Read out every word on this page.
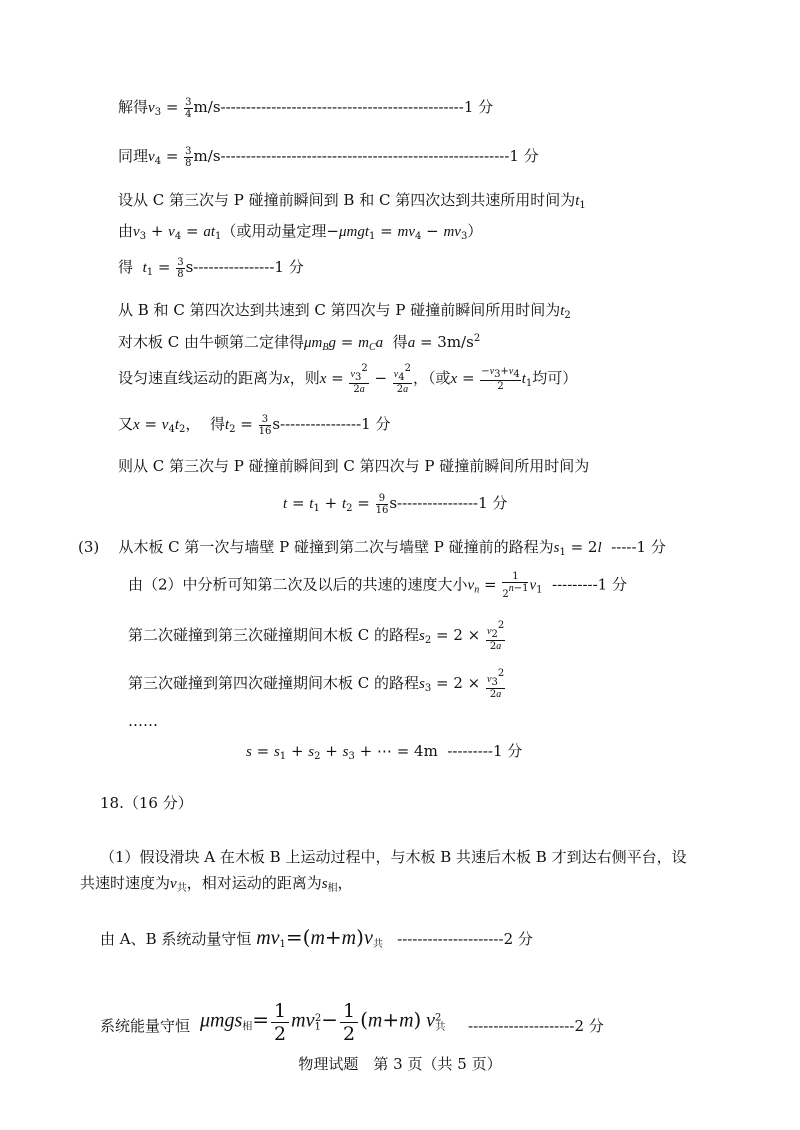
解得$v_3 = \frac{3}{4} m/s------------------------------------------------1$ 分
同理$v_4 = \frac{3}{8} m/s---------------------------------------------------------1$ 分
设从 C 第三次与 P 碰撞前瞬间到 B 和 C 第四次达到共速所用时间为$t_1$
由$v_3 + v_4 = at_1$（或用动量定理$-\mu mgt_1 = mv_4 - mv_3$）
得 $t_1 = \frac{3}{8} s----------------1$ 分
从 B 和 C 第四次达到共速到 C 第四次与 P 碰撞前瞬间所用时间为$t_2$
对木板 C 由牛顿第二定律得$\mu m_Bg = m_Ca$ 得$a = 3m/s^2$
设匀速直线运动的距离为x，则$x = \frac{v_3^2}{2a} - \frac{v_4^2}{2a}$ ，（或$x = \frac{-v_3+v_4}{2} t_1$均可）
又$x = v_4t_2$，  得$t_2 = \frac{3}{16} s----------------1$ 分
则从 C 第三次与 P 碰撞前瞬间到 C 第四次与 P 碰撞前瞬间所用时间为
$t = t_1 + t_2 = \frac{9}{16} s----------------1$ 分
(3) 从木板 C 第一次与墙壁 P 碰撞到第二次与墙壁 P 碰撞前的路程为$s_1 = 2l$  -----1 分
由（2）中分析可知第二次及以后的共速的速度大小$v_n = \frac{1}{2^{n-1}} v_1$  ---------1 分
第二次碰撞到第三次碰撞期间木板 C 的路程$s_2 = 2 \times \frac{v_2^2}{2a}$
第三次碰撞到第四次碰撞期间木板 C 的路程$s_3 = 2 \times \frac{v_3^2}{2a}$
……
$s = s_1 + s_2 + s_3$ + ⋯ = 4m  ---------1 分
18.（16 分）
（1）假设滑块 A 在木板 B 上运动过程中，与木板 B 共速后木板 B 才到达右侧平台，设
共速时速度为$v_共$，相对运动的距离为$s_相$，
由 A、B 系统动量守恒 $mv_1=(m+m)v_共$   ---------------------2 分
$\mu mgs_相= \frac{1}{2} mv_1^2- \frac{1}{2} (m+m)$ $v^2_共$
系统能量守恒	---------------------2 分
物理试题　第 3 页（共 5 页）
